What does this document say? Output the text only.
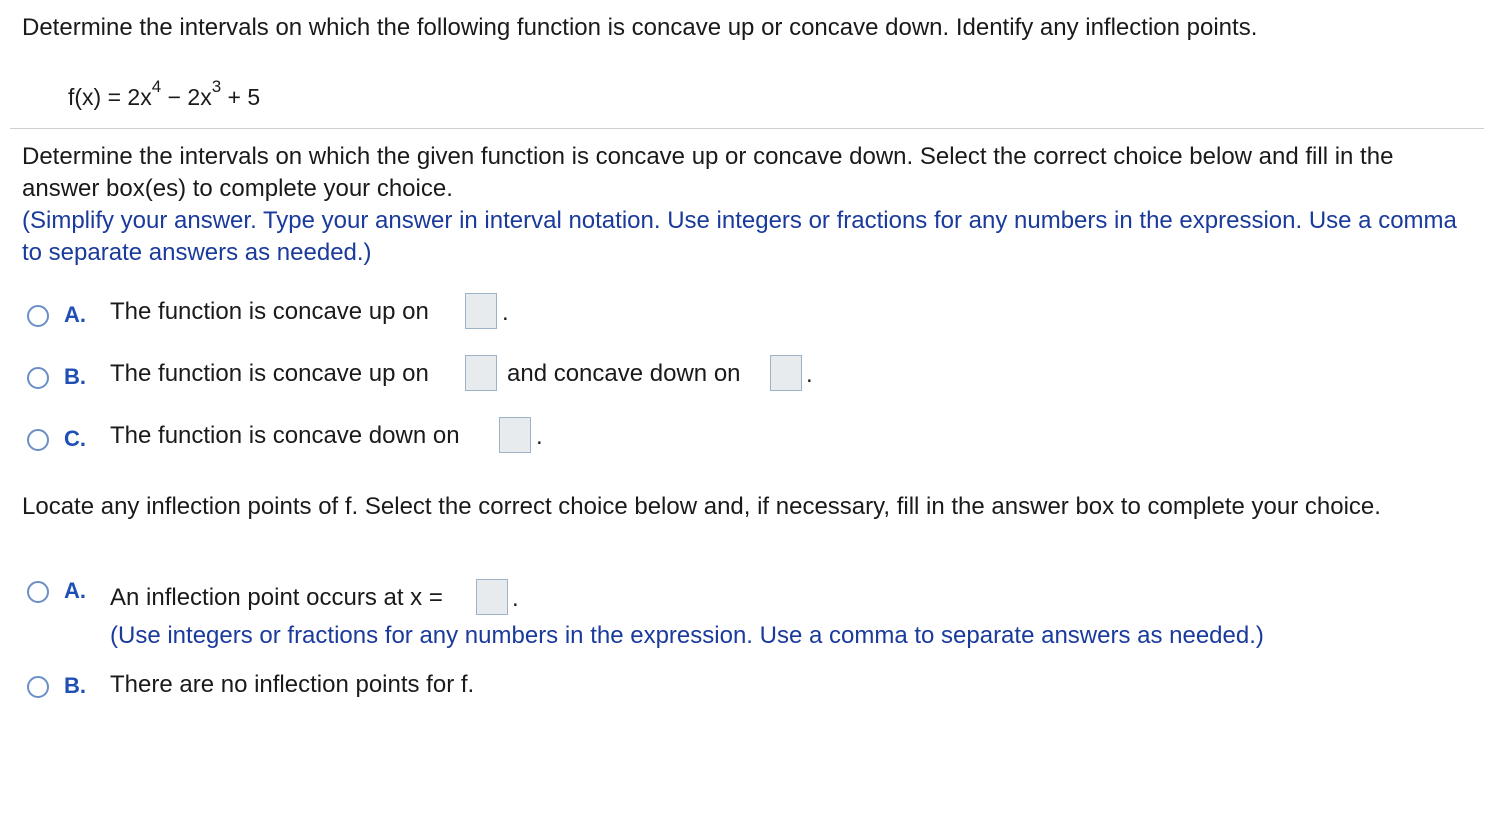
Determine the intervals on which the following function is concave up or concave down. Identify any inflection points.
$f(x) = 2x^4 - 2x^3 + 5$
Determine the intervals on which the given function is concave up or concave down. Select the correct choice below and fill in the answer box(es) to complete your choice.
(Simplify your answer. Type your answer in interval notation. Use integers or fractions for any numbers in the expression. Use a comma to separate answers as needed.)
A. The function is concave up on	.
B. The function is concave up on	and concave down on	.
C. The function is concave down on	.
Locate any inflection points of f. Select the correct choice below and, if necessary, fill in the answer box to complete your choice.
A. An inflection point occurs at x =	.
(Use integers or fractions for any numbers in the expression. Use a comma to separate answers as needed.)
B. There are no inflection points for f.
